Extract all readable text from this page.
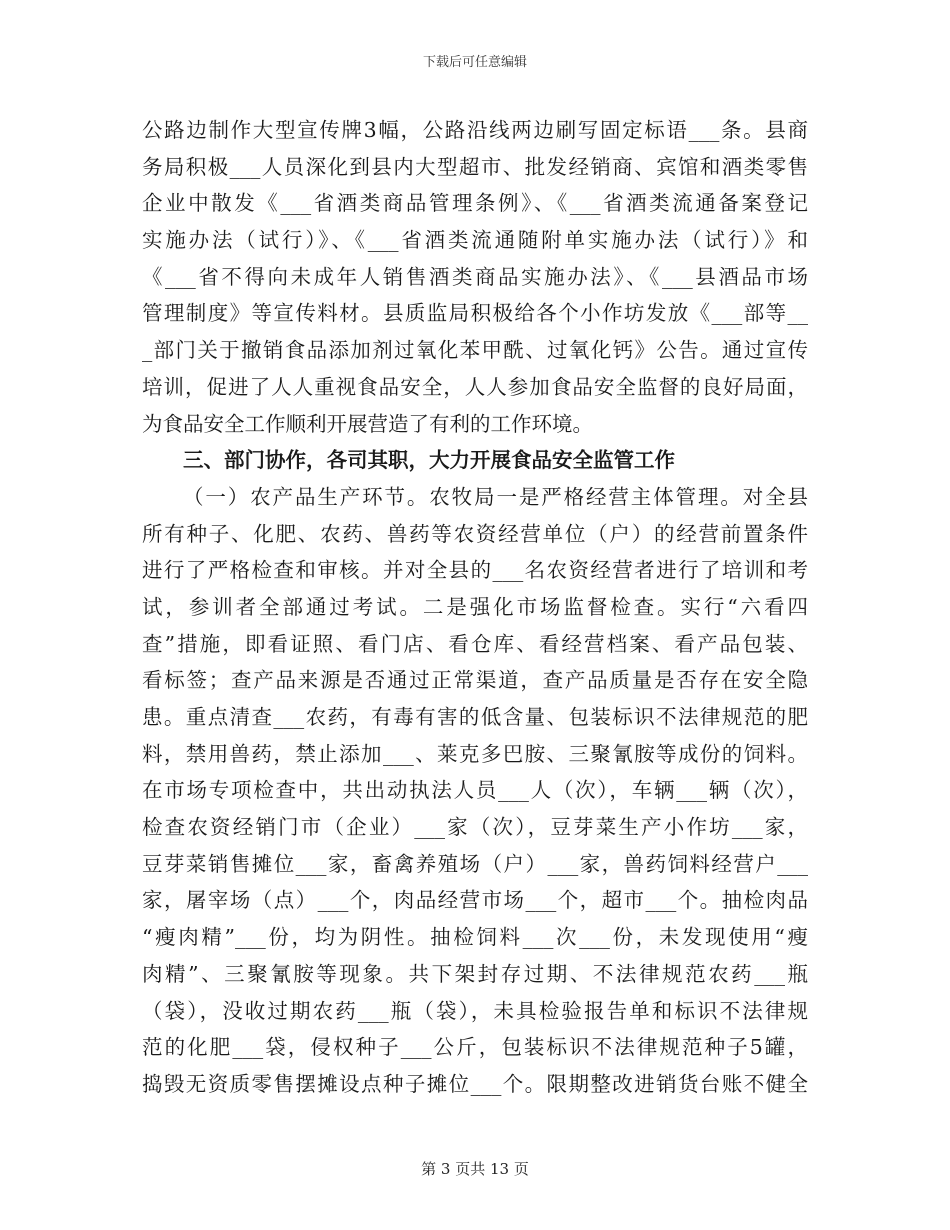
下载后可任意编辑
公路边制作大型宣传牌3幅，公路沿线两边刷写固定标语___条。县商
务局积极___人员深化到县内大型超市、批发经销商、宾馆和酒类零售
企业中散发《___省酒类商品管理条例》、《___省酒类流通备案登记
实施办法（试行）》、《___省酒类流通随附单实施办法（试行）》和
《___省不得向未成年人销售酒类商品实施办法》、《___县酒品市场
管理制度》等宣传料材。县质监局积极给各个小作坊发放《___部等__
_部门关于撤销食品添加剂过氧化苯甲酰、过氧化钙》公告。通过宣传
培训，促进了人人重视食品安全，人人参加食品安全监督的良好局面，
为食品安全工作顺利开展营造了有利的工作环境。
三、部门协作，各司其职，大力开展食品安全监管工作
（一）农产品生产环节。农牧局一是严格经营主体管理。对全县
所有种子、化肥、农药、兽药等农资经营单位（户）的经营前置条件
进行了严格检查和审核。并对全县的___名农资经营者进行了培训和考
试，参训者全部通过考试。二是强化市场监督检查。实行“六看四
查”措施，即看证照、看门店、看仓库、看经营档案、看产品包装、
看标签；查产品来源是否通过正常渠道，查产品质量是否存在安全隐
患。重点清查___农药，有毒有害的低含量、包装标识不法律规范的肥
料，禁用兽药，禁止添加___、莱克多巴胺、三聚氰胺等成份的饲料。
在市场专项检查中，共出动执法人员___人（次），车辆___辆（次），
检查农资经销门市（企业）___家（次），豆芽菜生产小作坊___家，
豆芽菜销售摊位___家，畜禽养殖场（户）___家，兽药饲料经营户___
家，屠宰场（点）___个，肉品经营市场___个，超市___个。抽检肉品
“瘦肉精”___份，均为阴性。抽检饲料___次___份，未发现使用“瘦
肉精”、三聚氰胺等现象。共下架封存过期、不法律规范农药___瓶
（袋），没收过期农药___瓶（袋），未具检验报告单和标识不法律规
范的化肥___袋，侵权种子___公斤，包装标识不法律规范种子5罐，
捣毁无资质零售摆摊设点种子摊位___个。限期整改进销货台账不健全
第 3 页共 13 页
